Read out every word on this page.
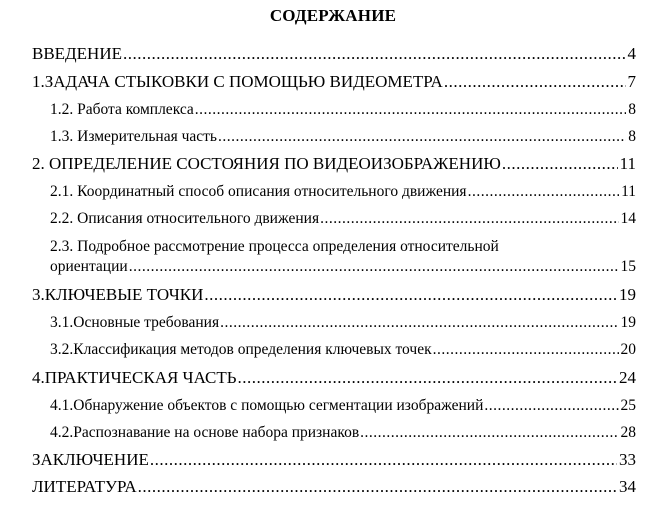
СОДЕРЖАНИЕ
ВВЕДЕНИЕ .....	4
1.ЗАДАЧА СТЫКОВКИ С ПОМОЩЬЮ ВИДЕОМЕТРА .....	7
1.2. Работа комплекса .....	8
1.3. Измерительная часть .....	8
2. ОПРЕДЕЛЕНИЕ СОСТОЯНИЯ ПО ВИДЕОИЗОБРАЖЕНИЮ .....	11
2.1. Координатный способ описания относительного движения .....	11
2.2. Описания относительного движения .....	14
2.3. Подробное рассмотрение процесса определения относительной
ориентации .....	15
3.КЛЮЧЕВЫЕ ТОЧКИ .....	19
3.1.Основные требования .....	19
3.2.Классификация методов определения ключевых точек .....	20
4.ПРАКТИЧЕСКАЯ ЧАСТЬ .....	24
4.1.Обнаружение объектов с помощью сегментации изображений .....	25
4.2.Распознавание на основе набора признаков .....	28
ЗАКЛЮЧЕНИЕ .....	33
ЛИТЕРАТУРА .....	34
